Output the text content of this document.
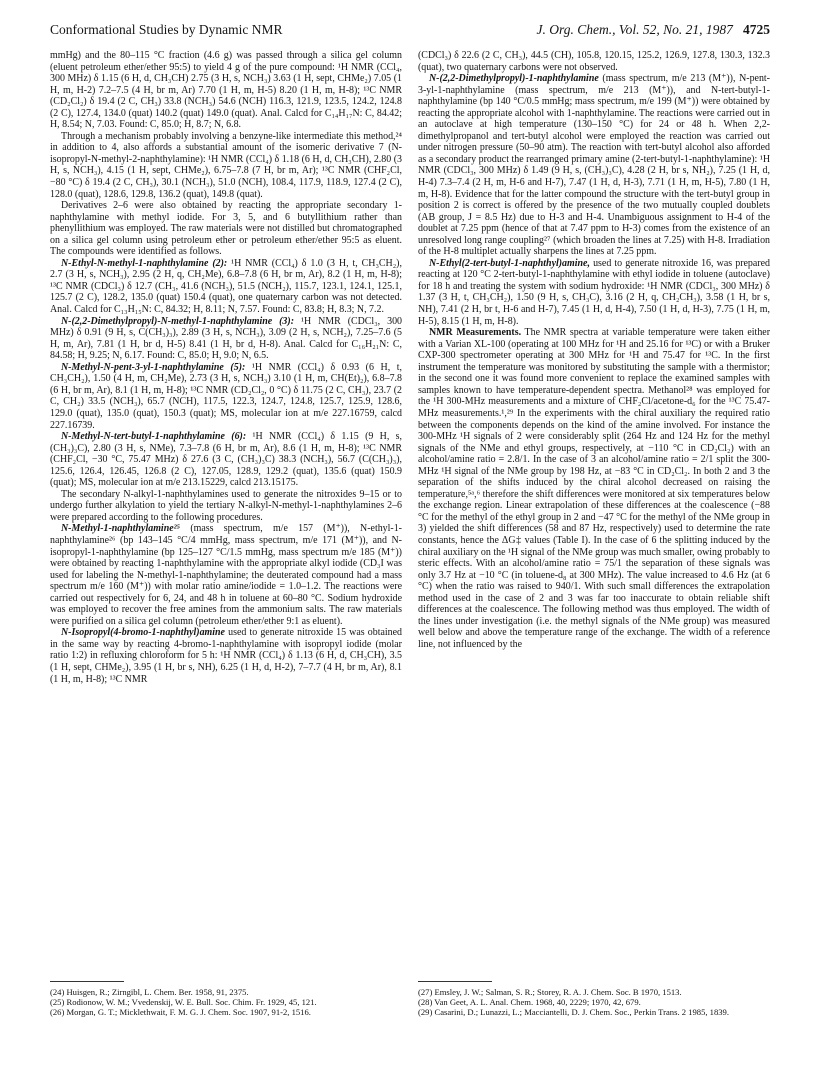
Conformational Studies by Dynamic NMR	J. Org. Chem., Vol. 52, No. 21, 1987 4725

mmHg) and the 80–115 °C fraction (4.6 g) was passed through a silica gel column (eluent petroleum ether/ether 95:5) to yield 4 g of the pure compound: ¹H NMR (CCl₄, 300 MHz) δ 1.15 (6 H, d, CH₃CH) 2.75 (3 H, s, NCH₃) 3.63 (1 H, sept, CHMe₂) 7.05 (1 H, m, H-2) 7.2–7.5 (4 H, br m, Ar) 7.70 (1 H, m, H-5) 8.20 (1 H, m, H-8); ¹³C NMR (CD₂Cl₂) δ 19.4 (2 C, CH₃) 33.8 (NCH₃) 54.6 (NCH) 116.3, 121.9, 123.5, 124.2, 124.8 (2 C), 127.4, 134.0 (quat) 140.2 (quat) 149.0 (quat). Anal. Calcd for C₁₄H₁₇N: C, 84.42; H, 8.54; N, 7.03. Found: C, 85.0; H, 8.7; N, 6.8.

Through a mechanism probably involving a benzyne-like intermediate this method,²⁴ in addition to 4, also affords a substantial amount of the isomeric derivative 7 (N-isopropyl-N-methyl-2-naphthylamine): ¹H NMR (CCl₄) δ 1.18 (6 H, d, CH₃CH), 2.80 (3 H, s, NCH₃), 4.15 (1 H, sept, CHMe₂), 6.75–7.8 (7 H, br m, Ar); ¹³C NMR (CHF₂Cl, −80 °C) δ 19.4 (2 C, CH₃), 30.1 (NCH₃), 51.0 (NCH), 108.4, 117.9, 118.9, 127.4 (2 C), 128.0 (quat), 128.6, 129.8, 136.2 (quat), 149.8 (quat).

Derivatives 2–6 were also obtained by reacting the appropriate secondary 1-naphthylamine with methyl iodide. For 3, 5, and 6 butyllithium rather than phenyllithium was employed. The raw materials were not distilled but chromatographed on a silica gel column using petroleum ether or petroleum ether/ether 95:5 as eluent. The compounds were identified as follows.

N-Ethyl-N-methyl-1-naphthylamine (2): ¹H NMR (CCl₄) δ 1.0 (3 H, t, CH₃CH₂), 2.7 (3 H, s, NCH₃), 2.95 (2 H, q, CH₂Me), 6.8–7.8 (6 H, br m, Ar), 8.2 (1 H, m, H-8); ¹³C NMR (CDCl₃) δ 12.7 (CH₃, 41.6 (NCH₃), 51.5 (NCH₂), 115.7, 123.1, 124.1, 125.1, 125.7 (2 C), 128.2, 135.0 (quat) 150.4 (quat), one quaternary carbon was not detected. Anal. Calcd for C₁₃H₁₅N: C, 84.32; H, 8.11; N, 7.57. Found: C, 83.8; H, 8.3; N, 7.2.

N-(2,2-Dimethylpropyl)-N-methyl-1-naphthylamine (3): ¹H NMR (CDCl₃, 300 MHz) δ 0.91 (9 H, s, C(CH₃)₃), 2.89 (3 H, s, NCH₃), 3.09 (2 H, s, NCH₂), 7.25–7.6 (5 H, m, Ar), 7.81 (1 H, br d, H-5) 8.41 (1 H, br d, H-8). Anal. Calcd for C₁₆H₂₁N: C, 84.58; H, 9.25; N, 6.17. Found: C, 85.0; H, 9.0; N, 6.5.

N-Methyl-N-pent-3-yl-1-naphthylamine (5): ¹H NMR (CCl₄) δ 0.93 (6 H, t, CH₃CH₂), 1.50 (4 H, m, CH₂Me), 2.73 (3 H, s, NCH₃) 3.10 (1 H, m, CH(Et)₂), 6.8–7.8 (6 H, br m, Ar), 8.1 (1 H, m, H-8); ¹³C NMR (CD₂Cl₂, 0 °C) δ 11.75 (2 C, CH₃), 23.7 (2 C, CH₂) 33.5 (NCH₃), 65.7 (NCH), 117.5, 122.3, 124.7, 124.8, 125.7, 125.9, 128.6, 129.0 (quat), 135.0 (quat), 150.3 (quat); MS, molecular ion at m/e 227.16759, calcd 227.16739.

N-Methyl-N-tert-butyl-1-naphthylamine (6): ¹H NMR (CCl₄) δ 1.15 (9 H, s, (CH₃)₃C), 2.80 (3 H, s, NMe), 7.3–7.8 (6 H, br m, Ar), 8.6 (1 H, m, H-8); ¹³C NMR (CHF₂Cl, −30 °C, 75.47 MHz) δ 27.6 (3 C, (CH₃)₃C) 38.3 (NCH₃), 56.7 (C(CH₃)₃), 125.6, 126.4, 126.45, 126.8 (2 C), 127.05, 128.9, 129.2 (quat), 135.6 (quat) 150.9 (quat); MS, molecular ion at m/e 213.15229, calcd 213.15175.

The secondary N-alkyl-1-naphthylamines used to generate the nitroxides 9–15 or to undergo further alkylation to yield the tertiary N-alkyl-N-methyl-1-naphthylamines 2–6 were prepared according to the following procedures.

N-Methyl-1-naphthylamine²⁵ (mass spectrum, m/e 157 (M⁺)), N-ethyl-1-naphthylamine²⁶ (bp 143–145 °C/4 mmHg, mass spectrum, m/e 171 (M⁺)), and N-isopropyl-1-naphthylamine (bp 125–127 °C/1.5 mmHg, mass spectrum m/e 185 (M⁺)) were obtained by reacting 1-naphthylamine with the appropriate alkyl iodide (CD₃I was used for labeling the N-methyl-1-naphthylamine; the deuterated compound had a mass spectrum m/e 160 (M⁺)) with molar ratio amine/iodide = 1.0–1.2. The reactions were carried out respectively for 6, 24, and 48 h in toluene at 60–80 °C. Sodium hydroxide was employed to recover the free amines from the ammonium salts. The raw materials were purified on a silica gel column (petroleum ether/ether 9:1 as eluent).

N-Isopropyl(4-bromo-1-naphthyl)amine used to generate nitroxide 15 was obtained in the same way by reacting 4-bromo-1-naphthylamine with isopropyl iodide (molar ratio 1:2) in refluxing chloroform for 5 h: ¹H NMR (CCl₄) δ 1.13 (6 H, d, CH₃CH), 3.5 (1 H, sept, CHMe₂), 3.95 (1 H, br s, NH), 6.25 (1 H, d, H-2), 7–7.7 (4 H, br m, Ar), 8.1 (1 H, m, H-8); ¹³C NMR

(CDCl₃) δ 22.6 (2 C, CH₃), 44.5 (CH), 105.8, 120.15, 125.2, 126.9, 127.8, 130.3, 132.3 (quat), two quaternary carbons were not observed.

N-(2,2-Dimethylpropyl)-1-naphthylamine (mass spectrum, m/e 213 (M⁺)), N-pent-3-yl-1-naphthylamine (mass spectrum, m/e 213 (M⁺)), and N-tert-butyl-1-naphthylamine (bp 140 °C/0.5 mmHg; mass spectrum, m/e 199 (M⁺)) were obtained by reacting the appropriate alcohol with 1-naphthylamine. The reactions were carried out in an autoclave at high temperature (130–150 °C) for 24 or 48 h. When 2,2-dimethylpropanol and tert-butyl alcohol were employed the reaction was carried out under nitrogen pressure (50–90 atm). The reaction with tert-butyl alcohol also afforded as a secondary product the rearranged primary amine (2-tert-butyl-1-naphthylamine): ¹H NMR (CDCl₃, 300 MHz) δ 1.49 (9 H, s, (CH₃)₃C), 4.28 (2 H, br s, NH₂), 7.25 (1 H, d, H-4) 7.3–7.4 (2 H, m, H-6 and H-7), 7.47 (1 H, d, H-3), 7.71 (1 H, m, H-5), 7.80 (1 H, m, H-8). Evidence that for the latter compound the structure with the tert-butyl group in position 2 is correct is offered by the presence of the two mutually coupled doublets (AB group, J = 8.5 Hz) due to H-3 and H-4. Unambiguous assignment to H-4 of the doublet at 7.25 ppm (hence of that at 7.47 ppm to H-3) comes from the existence of an unresolved long range coupling²⁷ (which broaden the lines at 7.25) with H-8. Irradiation of the H-8 multiplet actually sharpens the lines at 7.25 ppm.

N-Ethyl(2-tert-butyl-1-naphthyl)amine, used to generate nitroxide 16, was prepared reacting at 120 °C 2-tert-butyl-1-naphthylamine with ethyl iodide in toluene (autoclave) for 18 h and treating the system with sodium hydroxide: ¹H NMR (CDCl₃, 300 MHz) δ 1.37 (3 H, t, CH₃CH₂), 1.50 (9 H, s, CH₃C), 3.16 (2 H, q, CH₂CH₃), 3.58 (1 H, br s, NH), 7.41 (2 H, br t, H-6 and H-7), 7.45 (1 H, d, H-4), 7.50 (1 H, d, H-3), 7.75 (1 H, m, H-5), 8.15 (1 H, m, H-8).

NMR Measurements. The NMR spectra at variable temperature were taken either with a Varian XL-100 (operating at 100 MHz for ¹H and 25.16 for ¹³C) or with a Bruker CXP-300 spectrometer operating at 300 MHz for ¹H and 75.47 for ¹³C. In the first instrument the temperature was monitored by substituting the sample with a thermistor; in the second one it was found more convenient to replace the examined samples with samples known to have temperature-dependent spectra. Methanol²⁸ was employed for the ¹H 300-MHz measurements and a mixture of CHF₂Cl/acetone-d₆ for the ¹³C 75.47-MHz measurements.¹,²⁹ In the experiments with the chiral auxiliary the required ratio between the components depends on the kind of the amine involved. For instance the 300-MHz ¹H signals of 2 were considerably split (264 Hz and 124 Hz for the methyl signals of the NMe and ethyl groups, respectively, at −110 °C in CD₂Cl₂) with an alcohol/amine ratio = 2.8/1. In the case of 3 an alcohol/amine ratio = 2/1 split the 300-MHz ¹H signal of the NMe group by 198 Hz, at −83 °C in CD₂Cl₂. In both 2 and 3 the separation of the shifts induced by the chiral alcohol decreased on raising the temperature,⁵ᵃ,⁶ therefore the shift differences were monitored at six temperatures below the exchange region. Linear extrapolation of these differences at the coalescence (−88 °C for the methyl of the ethyl group in 2 and −47 °C for the methyl of the NMe group in 3) yielded the shift differences (58 and 87 Hz, respectively) used to determine the rate constants, hence the ΔG‡ values (Table I). In the case of 6 the splitting induced by the chiral auxiliary on the ¹H signal of the NMe group was much smaller, owing probably to steric effects. With an alcohol/amine ratio = 75/1 the separation of these signals was only 3.7 Hz at −10 °C (in toluene-d₈ at 300 MHz). The value increased to 4.6 Hz (at 6 °C) when the ratio was raised to 940/1. With such small differences the extrapolation method used in the case of 2 and 3 was far too inaccurate to obtain reliable shift differences at the coalescence. The following method was thus employed. The width of the lines under investigation (i.e. the methyl signals of the NMe group) was measured well below and above the temperature range of the exchange. The width of a reference line, not influenced by the

(24) Huisgen, R.; Zirngibl, L. Chem. Ber. 1958, 91, 2375.

(25) Rodionow, W. M.; Vvedenskij, W. E. Bull. Soc. Chim. Fr. 1929, 45, 121.

(26) Morgan, G. T.; Micklethwait, F. M. G. J. Chem. Soc. 1907, 91-2, 1516.

(27) Emsley, J. W.; Salman, S. R.; Storey, R. A. J. Chem. Soc. B 1970, 1513.

(28) Van Geet, A. L. Anal. Chem. 1968, 40, 2229; 1970, 42, 679.

(29) Casarini, D.; Lunazzi, L.; Macciantelli, D. J. Chem. Soc., Perkin Trans. 2 1985, 1839.
